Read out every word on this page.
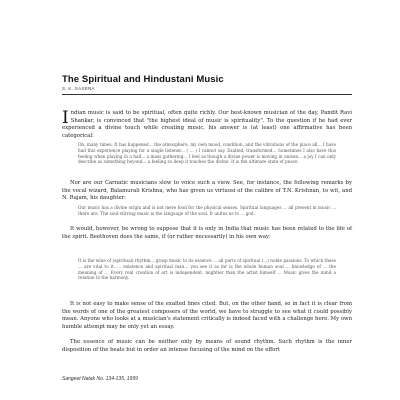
The Spiritual and Hindustani Music
S. K. SAXENA
I ndian music is said to be spiritual, often quite richly. Our best-known musician of the day, Pandit Ravi Shankar, is convinced that "the highest ideal of music is spirituality". To the question if he had ever experienced a divine touch while creating music, his answer is (at least) one affirmative has been categorical:
Oh, many times. It has happened... the atmosphere, my own mood, condition, and the vibrations of the place all... I have had this experience playing for a single listener... ( ... ) I cannot say. Exalted, transformed... Sometimes I also have this feeling when playing in a hall... a mass gathering... I feel as though a divine power is moving in unison... a joy I can only describe as something beyond... a feeling so deep it touches the divine. It is the ultimate state of peace.
Nor are our Carnatic musicians slow to voice such a view. See, for instance, the following remarks by the vocal wizard, Balamurali Krishna, who has given us virtuosi of the calibre of T.N. Krishnan, to wit, and N. Rajam, his daughter:
Our music has a divine origin and is not mere food for the physical senses. Spiritual languages ... all present in music ... there are. The soul-stirring music is the language of the soul. It unites us to ... god.
It would, however, be wrong to suppose that it is only in India that music has been related to the life of the spirit. Beethoven does the same, if (or rather necessarily) in his own way:
It is the wine of (spiritual) rhythm... grasp music to its essence ... all parts of spiritual (...) noble passions. To which these ... are vital to it, ... existence and spiritual man... you see it as far is the whole human soul ... knowledge of ... the meaning of ... Every real creation of art is independent, mightier than the artist himself ... Music gives the mind a relation to the harmony.
It is not easy to make sense of the exalted lines cited. But, on the other hand, so in fact it is clear from the words of one of the greatest composers of the world, we have to struggle to see what it could possibly mean. Anyone who looks at a musician's statement critically is indeed faced with a challenge here. My own humble attempt may be only yet an essay.
The essence of music can be neither only by means of sound rhythm. Such rhythm is the inner disposition of the beats but in order an intense focusing of the mind on the effort
Sangeet Natak No. 134-135, 1999
